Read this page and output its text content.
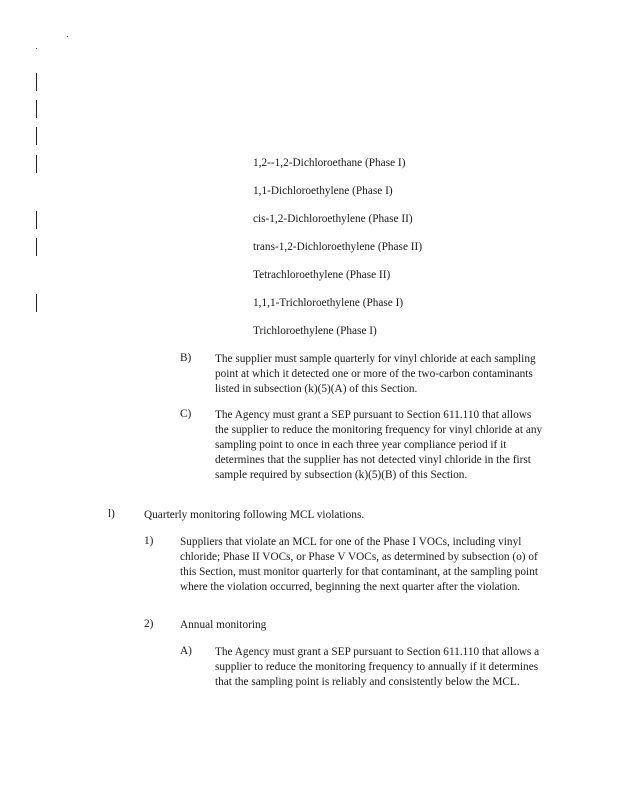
1,2-‑1,2-Dichloroethane (Phase I)
1,1-Dichloroethylene (Phase I)
cis-1,2-Dichloroethylene (Phase II)
trans-1,2-Dichloroethylene (Phase II)
Tetrachloroethylene (Phase II)
1,1,1-Trichloroethylene (Phase I)
Trichloroethylene (Phase I)
B) The supplier must sample quarterly for vinyl chloride at each sampling point at which it detected one or more of the two-carbon contaminants listed in subsection (k)(5)(A) of this Section.
C) The Agency must grant a SEP pursuant to Section 611.110 that allows the supplier to reduce the monitoring frequency for vinyl chloride at any sampling point to once in each three year compliance period if it determines that the supplier has not detected vinyl chloride in the first sample required by subsection (k)(5)(B) of this Section.
l)	Quarterly monitoring following MCL violations.
1) Suppliers that violate an MCL for one of the Phase I VOCs, including vinyl chloride; Phase II VOCs, or Phase V VOCs, as determined by subsection (o) of this Section, must monitor quarterly for that contaminant, at the sampling point where the violation occurred, beginning the next quarter after the violation.
2) Annual monitoring
A) The Agency must grant a SEP pursuant to Section 611.110 that allows a supplier to reduce the monitoring frequency to annually if it determines that the sampling point is reliably and consistently below the MCL.
